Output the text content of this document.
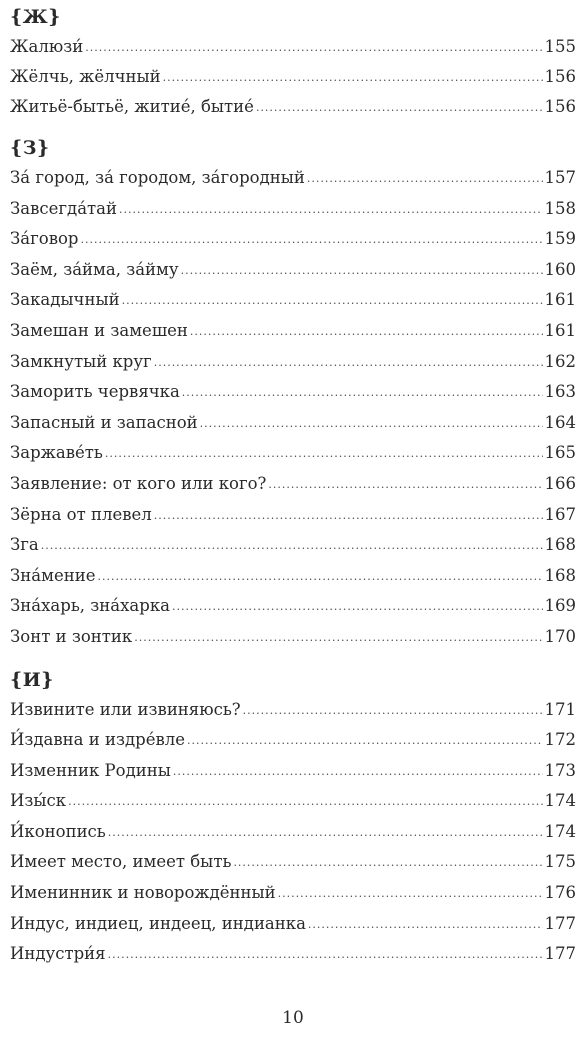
{Ж}
Жалюзи́ .....	155
Жёлчь, жёлчный .....	156
Житьё-бытьё, житие́, бытие́ .....	156
{З}
За́ город, за́ городом, за́городный .....	157
Завсегда́тай .....	158
За́говор .....	159
Заём, за́йма, за́йму .....	160
Закадычный .....	161
Замешан и замешен .....	161
Замкнутый круг .....	162
Заморить червячка .....	163
Запасный и запасной .....	164
Заржаве́ть .....	165
Заявление: от кого или кого? .....	166
Зёрна от плевел .....	167
Зга .....	168
Зна́мение .....	168
Зна́харь, зна́харка .....	169
Зонт и зонтик .....	170
{И}
Извините или извиняюсь? .....	171
И́здавна и издре́вле .....	172
Изменник Родины .....	173
Изы́ск .....	174
И́конопись .....	174
Имеет место, имеет быть .....	175
Именинник и новорождённый .....	176
Индус, индиец, индеец, индианка .....	177
Индустри́я .....	177
10
